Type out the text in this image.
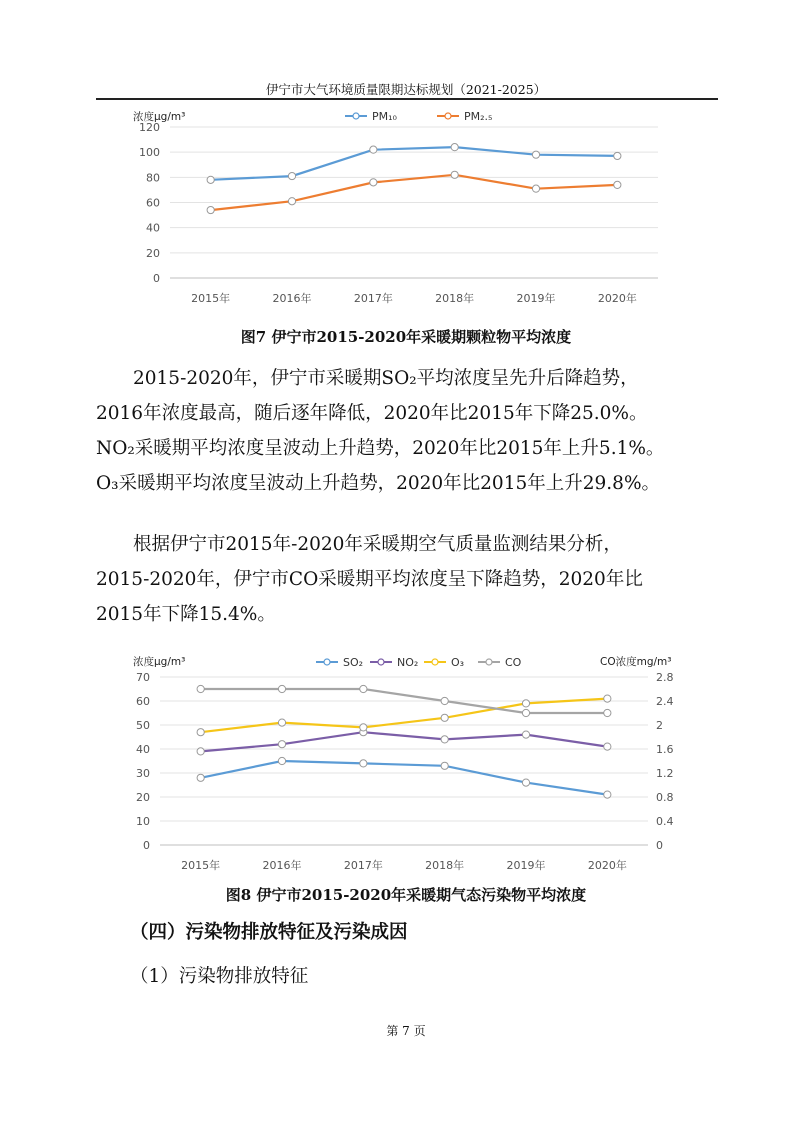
伊宁市大气环境质量限期达标规划（2021-2025）
0
20
40
60
80
100
120
2015年	2016年	2017年	2018年	2019年	2020年
浓度μg/m³	PM₁₀	PM₂.₅
图7 伊宁市2015-2020年采暖期颗粒物平均浓度
2015-2020年，伊宁市采暖期SO₂平均浓度呈先升后降趋势，
2016年浓度最高，随后逐年降低，2020年比2015年下降25.0%。
NO₂采暖期平均浓度呈波动上升趋势，2020年比2015年上升5.1%。
O₃采暖期平均浓度呈波动上升趋势，2020年比2015年上升29.8%。
根据伊宁市2015年-2020年采暖期空气质量监测结果分析，
2015-2020年，伊宁市CO采暖期平均浓度呈下降趋势，2020年比
2015年下降15.4%。
0
10
20
30
40
50
60
70
0
0.4
0.8
1.2
1.6
2
2.4
2.8
2015年	2016年	2017年	2018年	2019年	2020年
浓度μg/m³	CO浓度mg/m³
SO₂	NO₂	O₃	CO
图8 伊宁市2015-2020年采暖期气态污染物平均浓度
（四）污染物排放特征及污染成因
（1）污染物排放特征
第 7 页
